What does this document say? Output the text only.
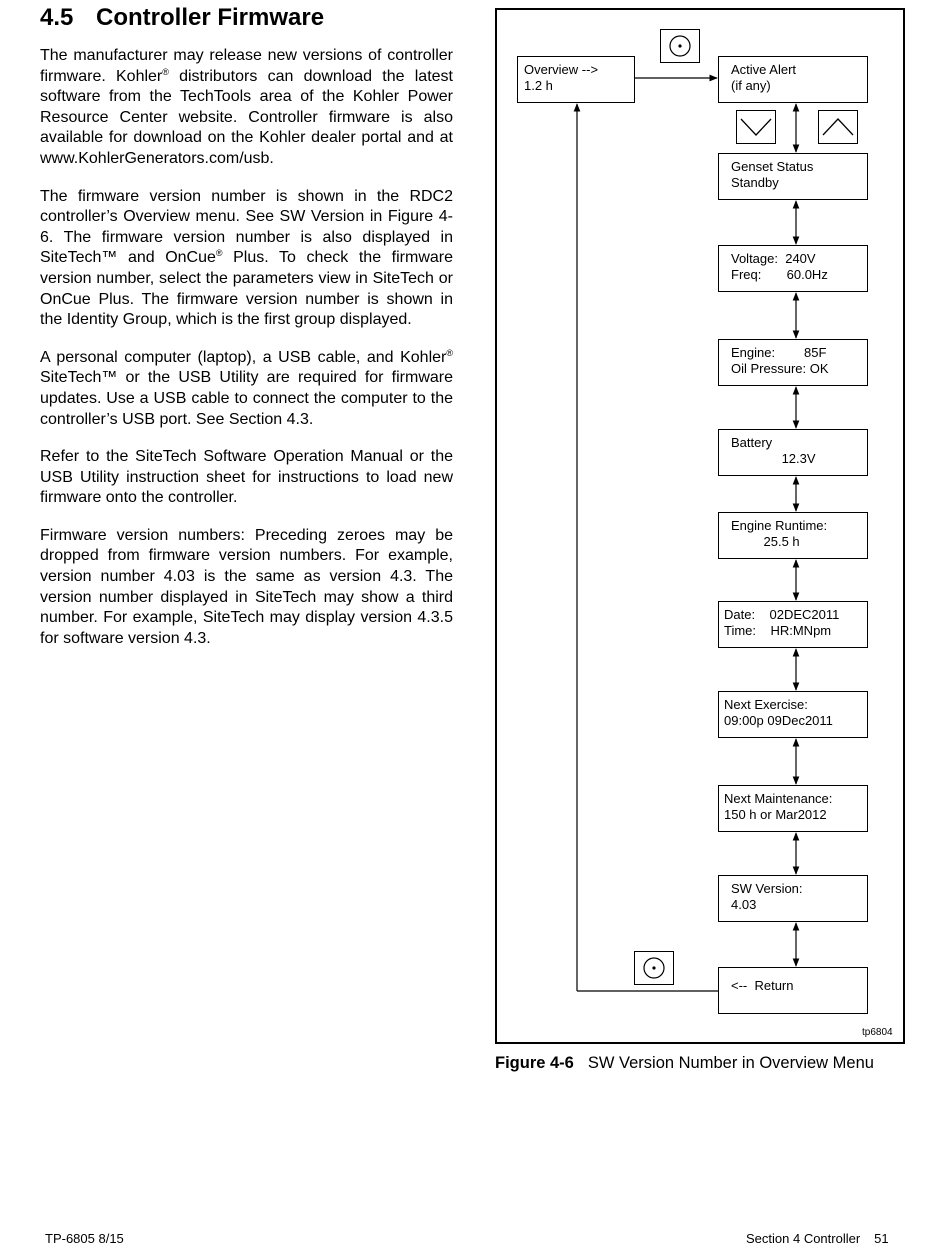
4.5 Controller Firmware

The manufacturer may release new versions of controller firmware. Kohler® distributors can download the latest software from the TechTools area of the Kohler Power Resource Center website. Controller firmware is also available for download on the Kohler dealer portal and at www.KohlerGenerators.com/usb.

The firmware version number is shown in the RDC2 controller’s Overview menu. See SW Version in Figure 4-6. The firmware version number is also displayed in SiteTech™ and OnCue® Plus. To check the firmware version number, select the parameters view in SiteTech or OnCue Plus. The firmware version number is shown in the Identity Group, which is the first group displayed.

A personal computer (laptop), a USB cable, and Kohler® SiteTech™ or the USB Utility are required for firmware updates. Use a USB cable to connect the computer to the controller’s USB port. See Section 4.3.

Refer to the SiteTech Software Operation Manual or the USB Utility instruction sheet for instructions to load new firmware onto the controller.

Firmware version numbers: Preceding zeroes may be dropped from firmware version numbers. For example, version number 4.03 is the same as version 4.3. The version number displayed in SiteTech may show a third number. For example, SiteTech may display version 4.3.5 for software version 4.3.

Overview -->
1.2 h
Active Alert
(if any)
Genset Status
Standby
Voltage:  240V
Freq:       60.0Hz
Engine:        85F
Oil Pressure: OK
Battery
12.3V
Engine Runtime:
25.5 h
Date:    02DEC2011
Time:    HR:MNpm
Next Exercise:
09:00p 09Dec2011
Next Maintenance:
150 h or Mar2012
SW Version:
4.03
<--  Return
tp6804
Figure 4-6 SW Version Number in Overview Menu
TP-6805 8/15	Section 4 Controller 51
